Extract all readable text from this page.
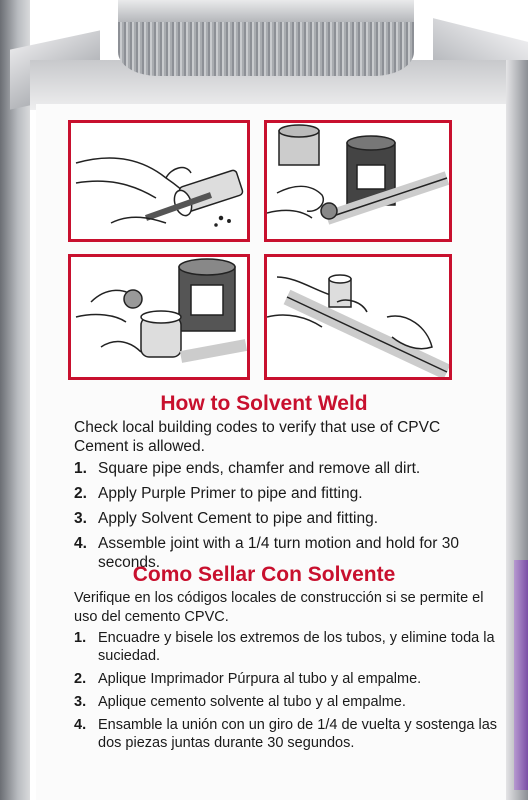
How to Solvent Weld
Check local building codes to verify that use of CPVC Cement is allowed.
1. Square pipe ends, chamfer and remove all dirt.
2. Apply Purple Primer to pipe and fitting.
3. Apply Solvent Cement to pipe and fitting.
4. Assemble joint with a 1/4 turn motion and hold for 30 seconds.
Como Sellar Con Solvente
Verifique en los códigos locales de construcción si se permite el uso del cemento CPVC.
1. Encuadre y bisele los extremos de los tubos, y elimine toda la suciedad.
2. Aplique Imprimador Púrpura al tubo y al empalme.
3. Aplique cemento solvente al tubo y al empalme.
4. Ensamble la unión con un giro de 1/4 de vuelta y sostenga las dos piezas juntas durante 30 segundos.
